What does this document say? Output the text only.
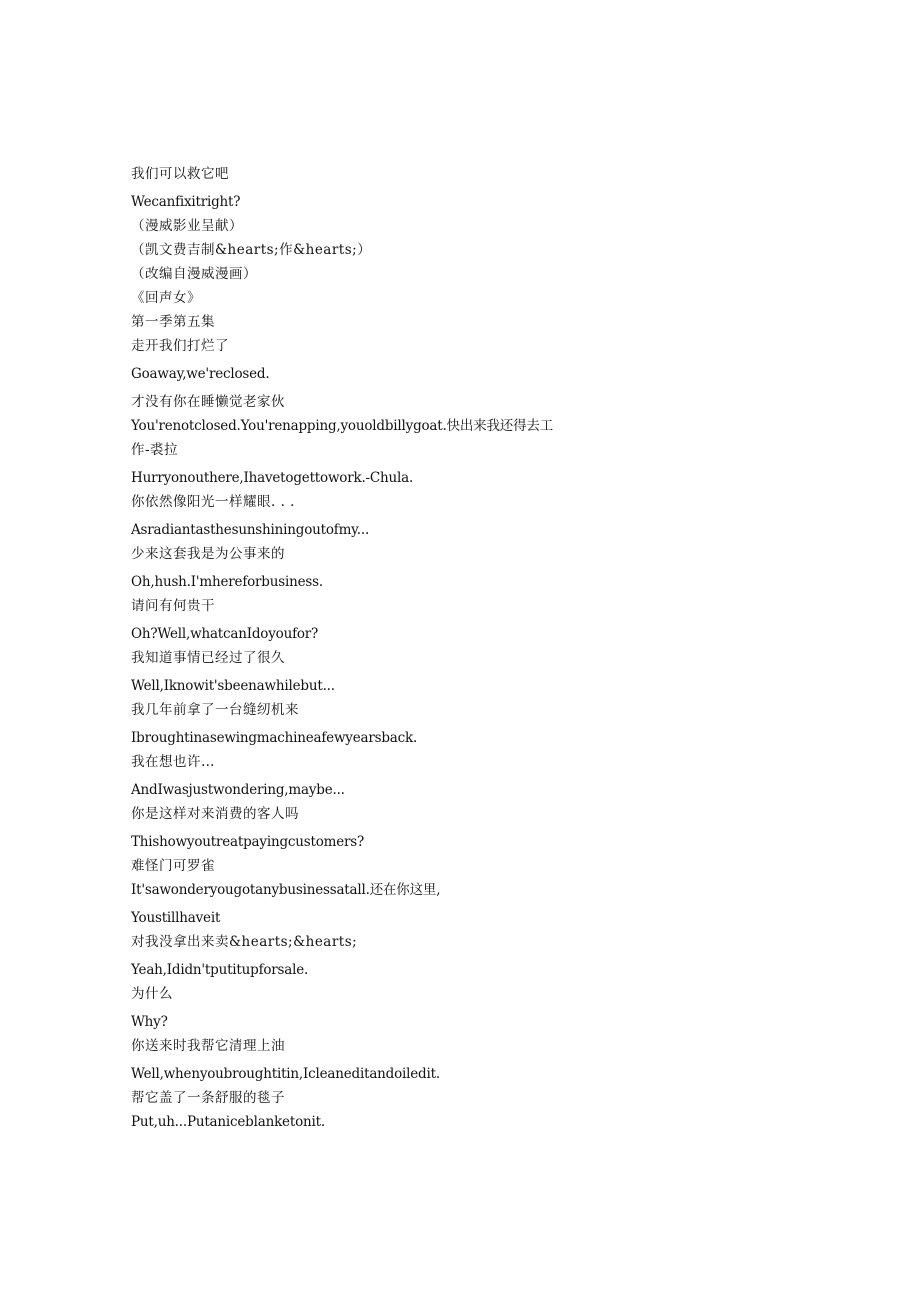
我们可以救它吧
Wecanfixitright?
（漫威影业呈献）
（凯文费吉制&hearts;作&hearts;）
（改编自漫威漫画）
《回声女》
第一季第五集
走开我们打烂了
Goaway,we'reclosed.
才没有你在睡懒觉老家伙
You'renotclosed.You'renapping,youoldbillygoat.快出来我还得去工
作-裘拉
Hurryonouthere,Ihavetogettowork.-Chula.
你依然像阳光一样耀眼. . .
Asradiantasthesunshiningoutofmy...
少来这套我是为公事来的
Oh,hush.I'mhereforbusiness.
请问有何贵干
Oh?Well,whatcanIdoyoufor?
我知道事情已经过了很久
Well,Iknowit'sbeenawhilebut...
我几年前拿了一台缝纫机来
Ibroughtinasewingmachineafewyearsback.
我在想也许…
AndIwasjustwondering,maybe...
你是这样对来消费的客人吗
Thishowyoutreatpayingcustomers?
难怪门可罗雀
It'sawonderyougotanybusinessatall.还在你这里,
Youstillhaveit
对我没拿出来卖&hearts;&hearts;
Yeah,Ididn'tputitupforsale.
为什么
Why?
你送来时我帮它清理上油
Well,whenyoubroughtitin,Icleaneditandoiledit.
帮它盖了一条舒服的毯子
Put,uh...Putaniceblanketonit.
